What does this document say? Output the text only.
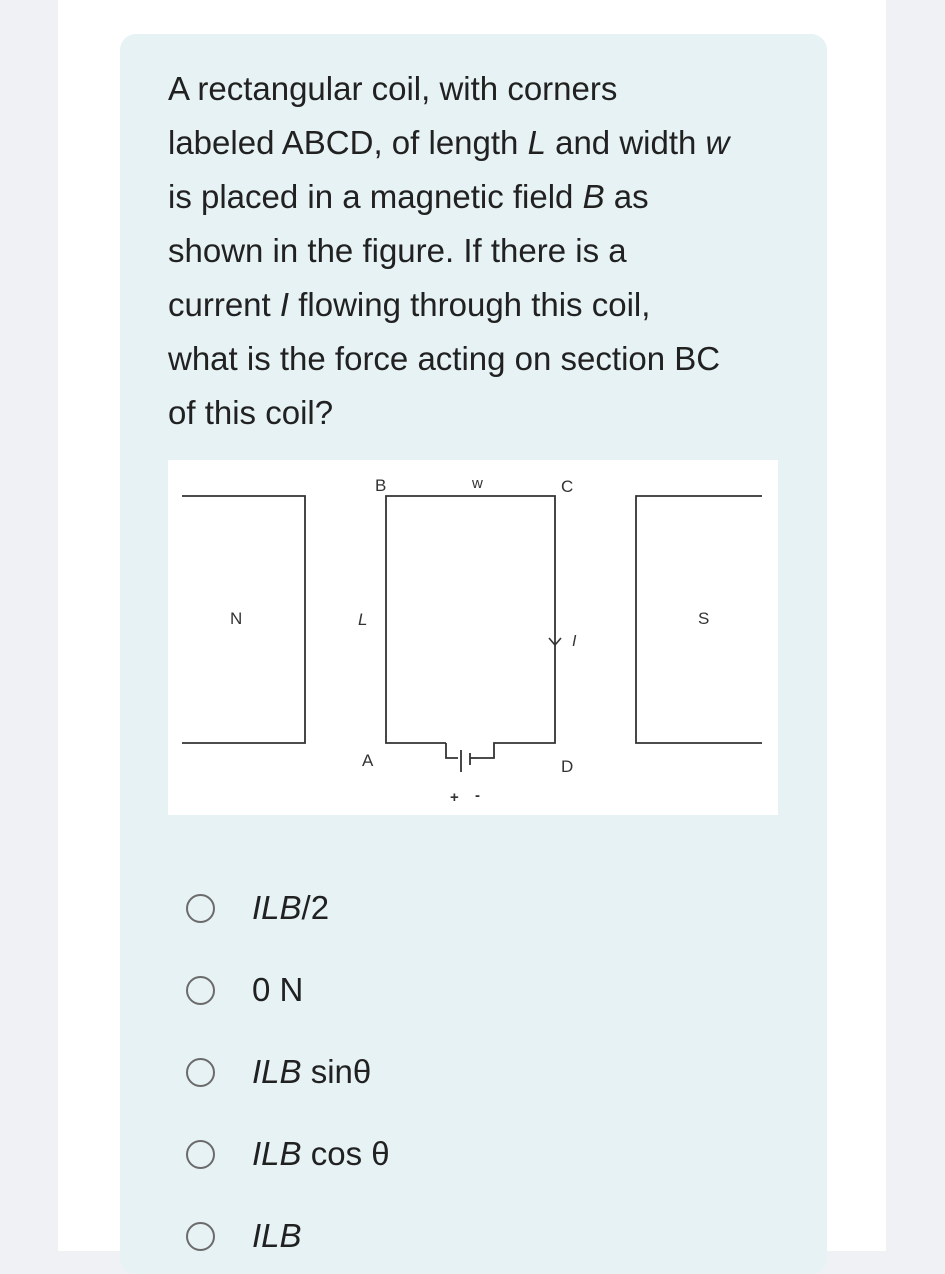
A rectangular coil, with corners
labeled ABCD, of length L and width w
is placed in a magnetic field B as
shown in the figure. If there is a
current I flowing through this coil,
what is the force acting on section BC
of this coil?
B	w	C
N	L
I
S
A	D
+ -
ILB/2
0 N
ILB sinθ
ILB cos θ
ILB
